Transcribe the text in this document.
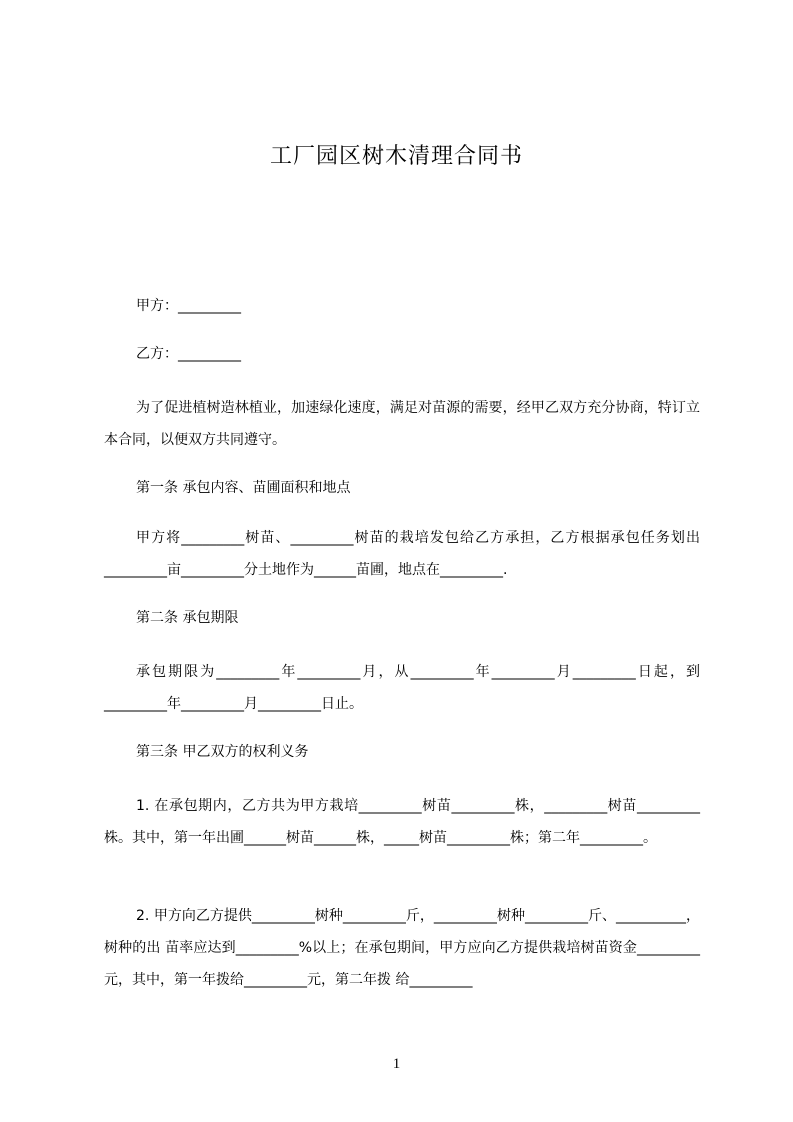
工厂园区树木清理合同书

甲方：_________

乙方：_________

为了促进植树造林植业，加速绿化速度，满足对苗源的需要，经甲乙双方充分协商，特订立本合同，以便双方共同遵守。

第一条 承包内容、苗圃面积和地点

甲方将_________树苗、_________树苗的栽培发包给乙方承担，乙方根据承包任务划出_________亩_________分土地作为______苗圃，地点在_________.

第二条 承包期限

承包期限为_________年_________月，从_________年_________月_________日起，到_________年_________月_________日止。

第三条 甲乙双方的权利义务

1. 在承包期内，乙方共为甲方栽培_________树苗_________株，_________树苗_________株。其中，第一年出圃______树苗______株，_____树苗_________株；第二年_________。

2. 甲方向乙方提供_________树种_________斤，_________树种_________斤、__________，树种的出 苗率应达到_________%以上；在承包期间，甲方应向乙方提供栽培树苗资金_________元，其中，第一年拨给_________元，第二年拨 给_________

1
